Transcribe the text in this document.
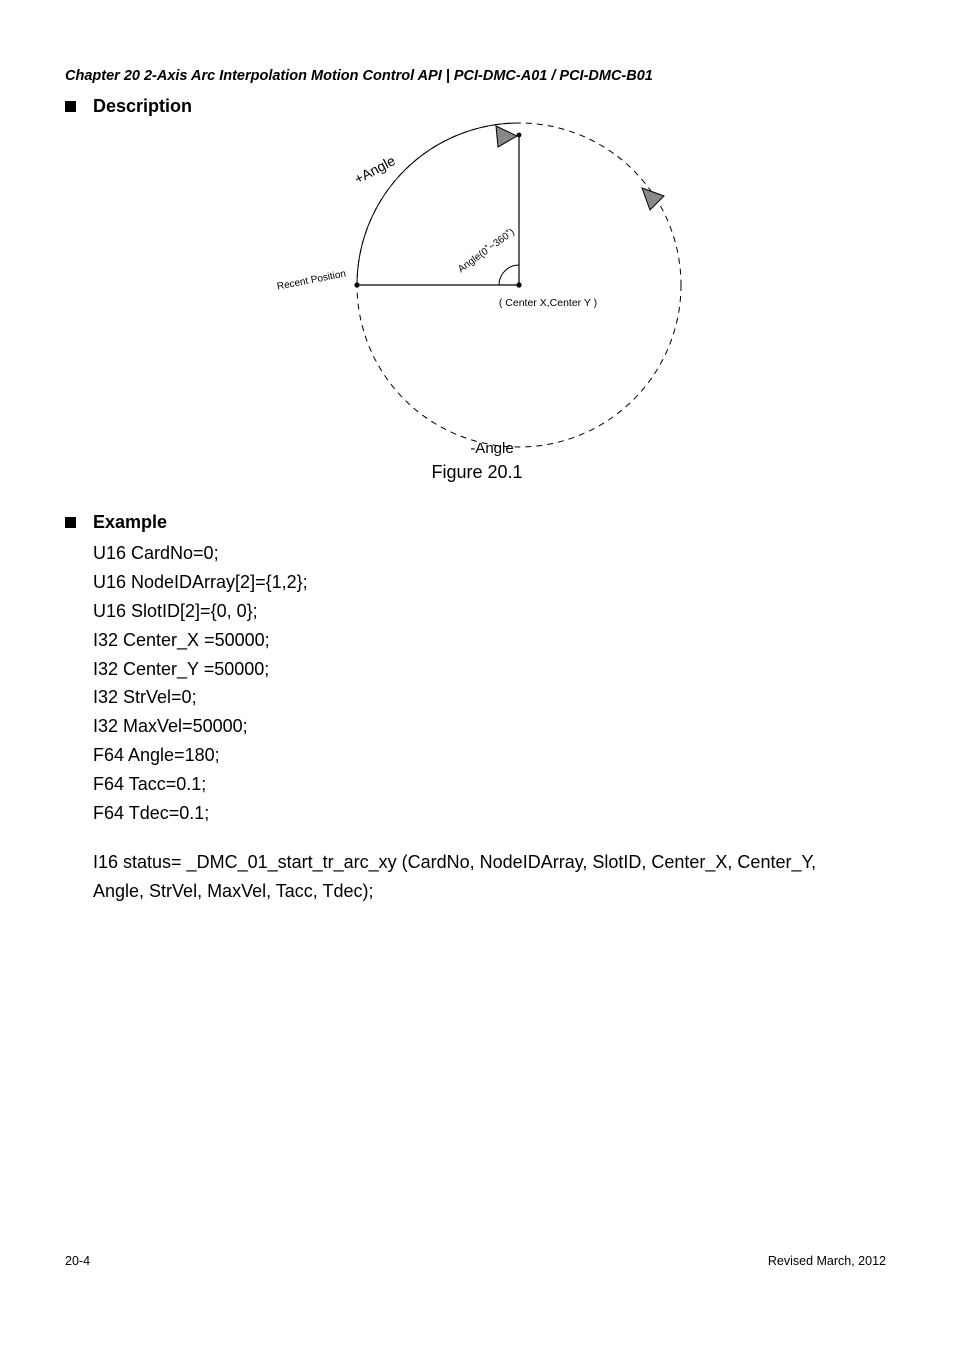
Chapter 20 2-Axis Arc Interpolation Motion Control API | PCI-DMC-A01 / PCI-DMC-B01
Description
+Angle
Angle(0˚~360˚)
Recent Position
( Center X,Center Y )
-Angle
Figure 20.1
Example
U16 CardNo=0;
U16 NodeIDArray[2]={1,2};
U16 SlotID[2]={0, 0};
I32 Center_X =50000;
I32 Center_Y =50000;
I32 StrVel=0;
I32 MaxVel=50000;
F64 Angle=180;
F64 Tacc=0.1;
F64 Tdec=0.1;
I16 status= _DMC_01_start_tr_arc_xy (CardNo, NodeIDArray, SlotID, Center_X, Center_Y,
Angle, StrVel, MaxVel, Tacc, Tdec);
20-4	Revised March, 2012
